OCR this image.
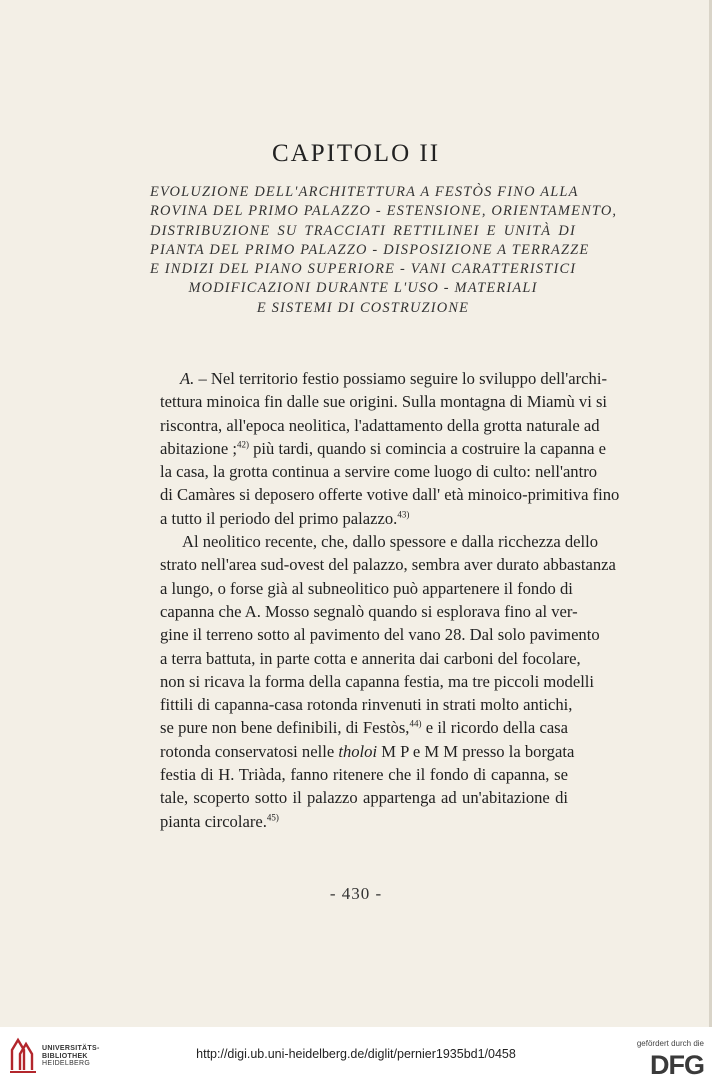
CAPITOLO II
EVOLUZIONE DELL'ARCHITETTURA A FESTÒS FINO ALLA
ROVINA DEL PRIMO PALAZZO - ESTENSIONE, ORIENTAMENTO,
DISTRIBUZIONE SU TRACCIATI RETTILINEI E UNITÀ DI
PIANTA DEL PRIMO PALAZZO - DISPOSIZIONE A TERRAZZE
E INDIZI DEL PIANO SUPERIORE - VANI CARATTERISTICI
MODIFICAZIONI DURANTE L'USO - MATERIALI
E SISTEMI DI COSTRUZIONE
A. – Nel territorio festio possiamo seguire lo sviluppo dell'archi-
tettura minoica fin dalle sue origini. Sulla montagna di Miamù vi si
riscontra, all'epoca neolitica, l'adattamento della grotta naturale ad
abitazione ;$^{42)}$ più tardi, quando si comincia a costruire la capanna e
la casa, la grotta continua a servire come luogo di culto: nell'antro
di Camàres si deposero offerte votive dall' età minoico-primitiva fino
a tutto il periodo del primo palazzo.$^{43)}$
Al neolitico recente, che, dallo spessore e dalla ricchezza dello
strato nell'area sud-ovest del palazzo, sembra aver durato abbastanza
a lungo, o forse già al subneolitico può appartenere il fondo di
capanna che A. Mosso segnalò quando si esplorava fino al ver-
gine il terreno sotto al pavimento del vano 28. Dal solo pavimento
a terra battuta, in parte cotta e annerita dai carboni del focolare,
non si ricava la forma della capanna festia, ma tre piccoli modelli
fittili di capanna-casa rotonda rinvenuti in strati molto antichi,
se pure non bene definibili, di Festòs,$^{44)}$ e il ricordo della casa
rotonda conservatosi nelle tholoi M P e M M presso la borgata
festia di H. Triàda, fanno ritenere che il fondo di capanna, se
tale, scoperto sotto il palazzo appartenga ad un'abitazione di
pianta circolare.$^{45)}$
- 430 -
UNIVERSITÄTS-
BIBLIOTHEK
HEIDELBERG
http://digi.ub.uni-heidelberg.de/diglit/pernier1935bd1/0458
gefördert durch die
DFG
